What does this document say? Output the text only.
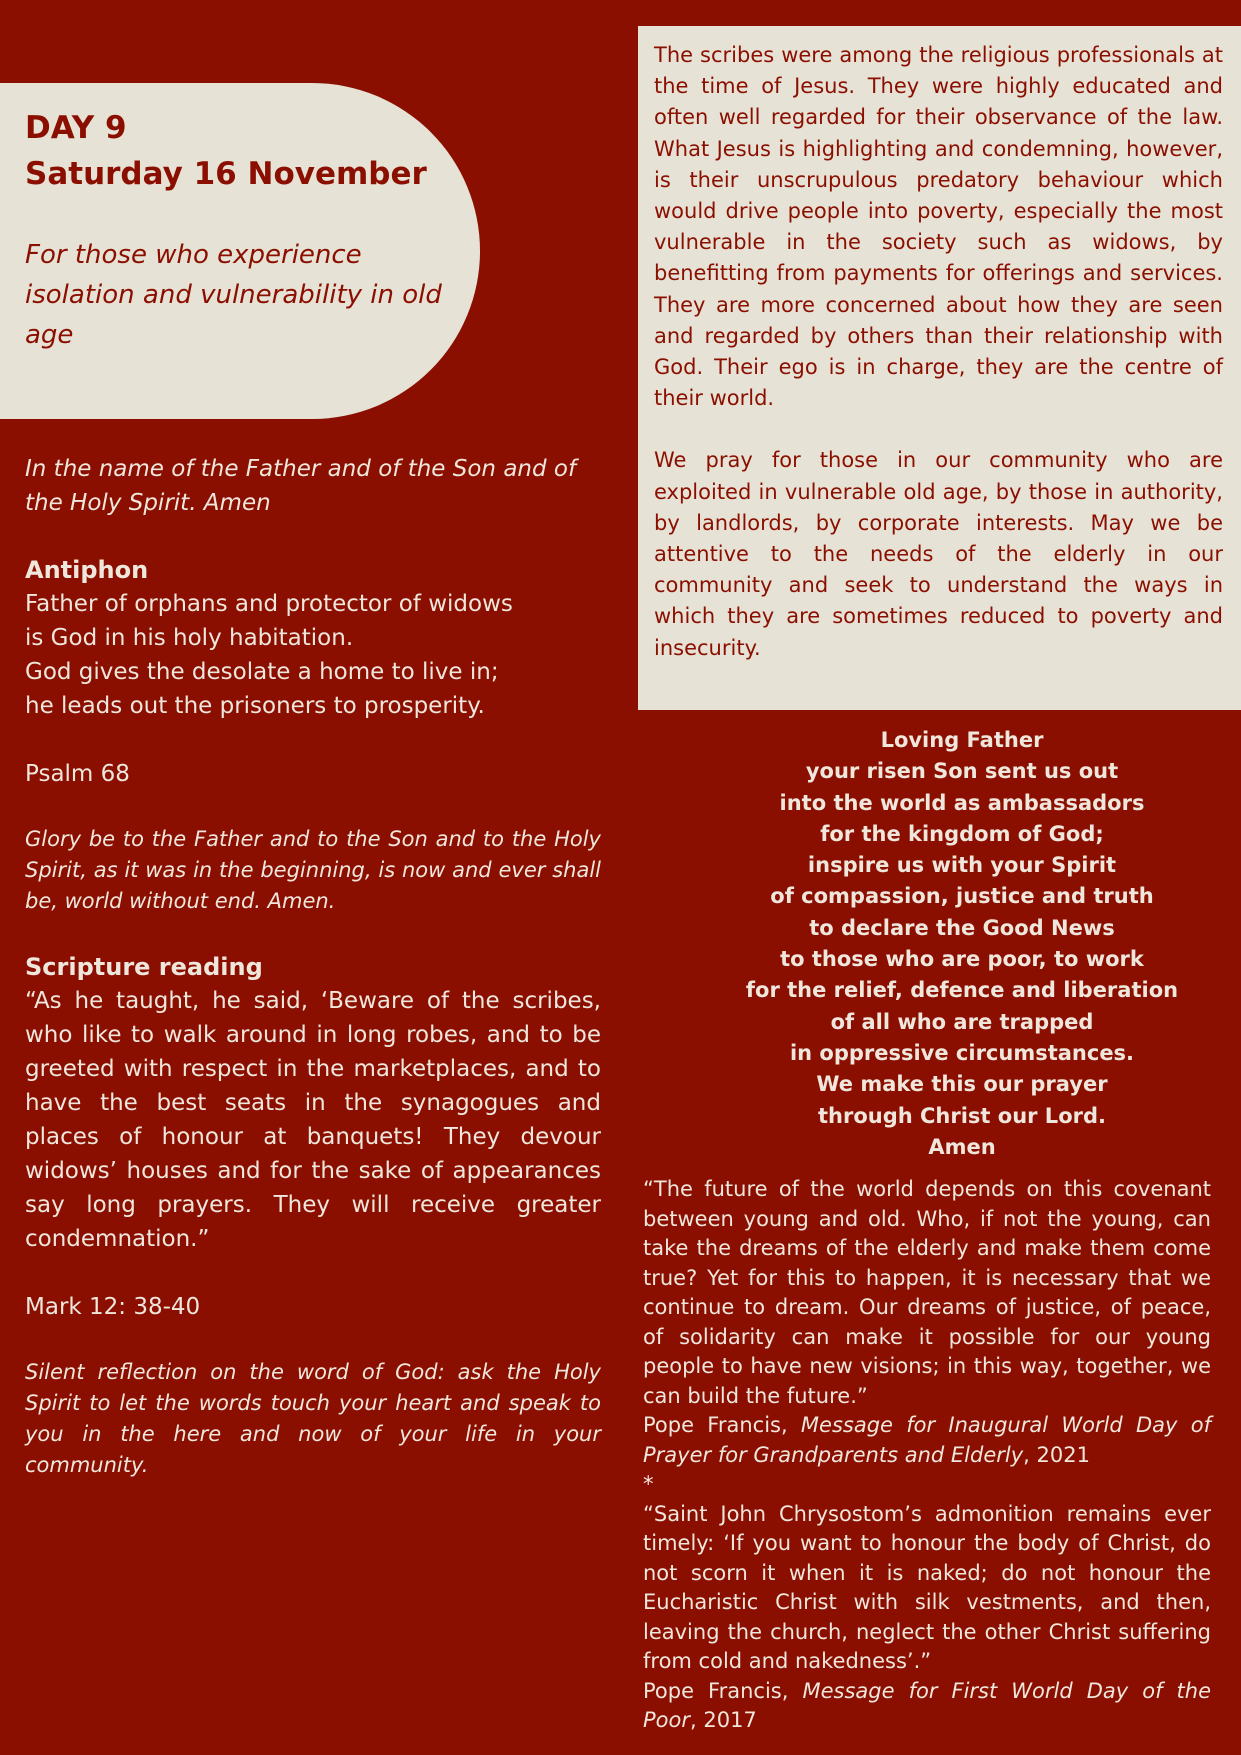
DAY 9
Saturday 16 November
For those who experience isolation and vulnerability in old age
In the name of the Father and of the Son and of the Holy Spirit. Amen
Antiphon
Father of orphans and protector of widows
is God in his holy habitation.
God gives the desolate a home to live in;
he leads out the prisoners to prosperity.
Psalm 68
Glory be to the Father and to the Son and to the Holy Spirit, as it was in the beginning, is now and ever shall be, world without end. Amen.
Scripture reading
“As he taught, he said, ‘Beware of the scribes, who like to walk around in long robes, and to be greeted with respect in the marketplaces, and to have the best seats in the synagogues and places of honour at banquets! They devour widows’ houses and for the sake of appearances say long prayers. They will receive greater condemnation.”
Mark 12: 38-40
Silent reflection on the word of God: ask the Holy Spirit to let the words touch your heart and speak to you in the here and now of your life in your community.

The scribes were among the religious professionals at the time of Jesus. They were highly educated and often well regarded for their observance of the law. What Jesus is highlighting and condemning, however, is their unscrupulous predatory behaviour which would drive people into poverty, especially the most vulnerable in the society such as widows, by benefitting from payments for offerings and services. They are more concerned about how they are seen and regarded by others than their relationship with God. Their ego is in charge, they are the centre of their world.

We pray for those in our community who are exploited in vulnerable old age, by those in authority, by landlords, by corporate interests. May we be attentive to the needs of the elderly in our community and seek to understand the ways in which they are sometimes reduced to poverty and insecurity.

Loving Father
your risen Son sent us out
into the world as ambassadors
for the kingdom of God;
inspire us with your Spirit
of compassion, justice and truth
to declare the Good News
to those who are poor, to work
for the relief, defence and liberation
of all who are trapped
in oppressive circumstances.
We make this our prayer
through Christ our Lord.
Amen

“The future of the world depends on this covenant between young and old. Who, if not the young, can take the dreams of the elderly and make them come true? Yet for this to happen, it is necessary that we continue to dream. Our dreams of justice, of peace, of solidarity can make it possible for our young people to have new visions; in this way, together, we can build the future.”

Pope Francis, Message for Inaugural World Day of Prayer for Grandparents and Elderly, 2021

*

“Saint John Chrysostom’s admonition remains ever timely: ‘If you want to honour the body of Christ, do not scorn it when it is naked; do not honour the Eucharistic Christ with silk vestments, and then, leaving the church, neglect the other Christ suffering from cold and nakedness’.”

Pope Francis, Message for First World Day of the Poor, 2017
